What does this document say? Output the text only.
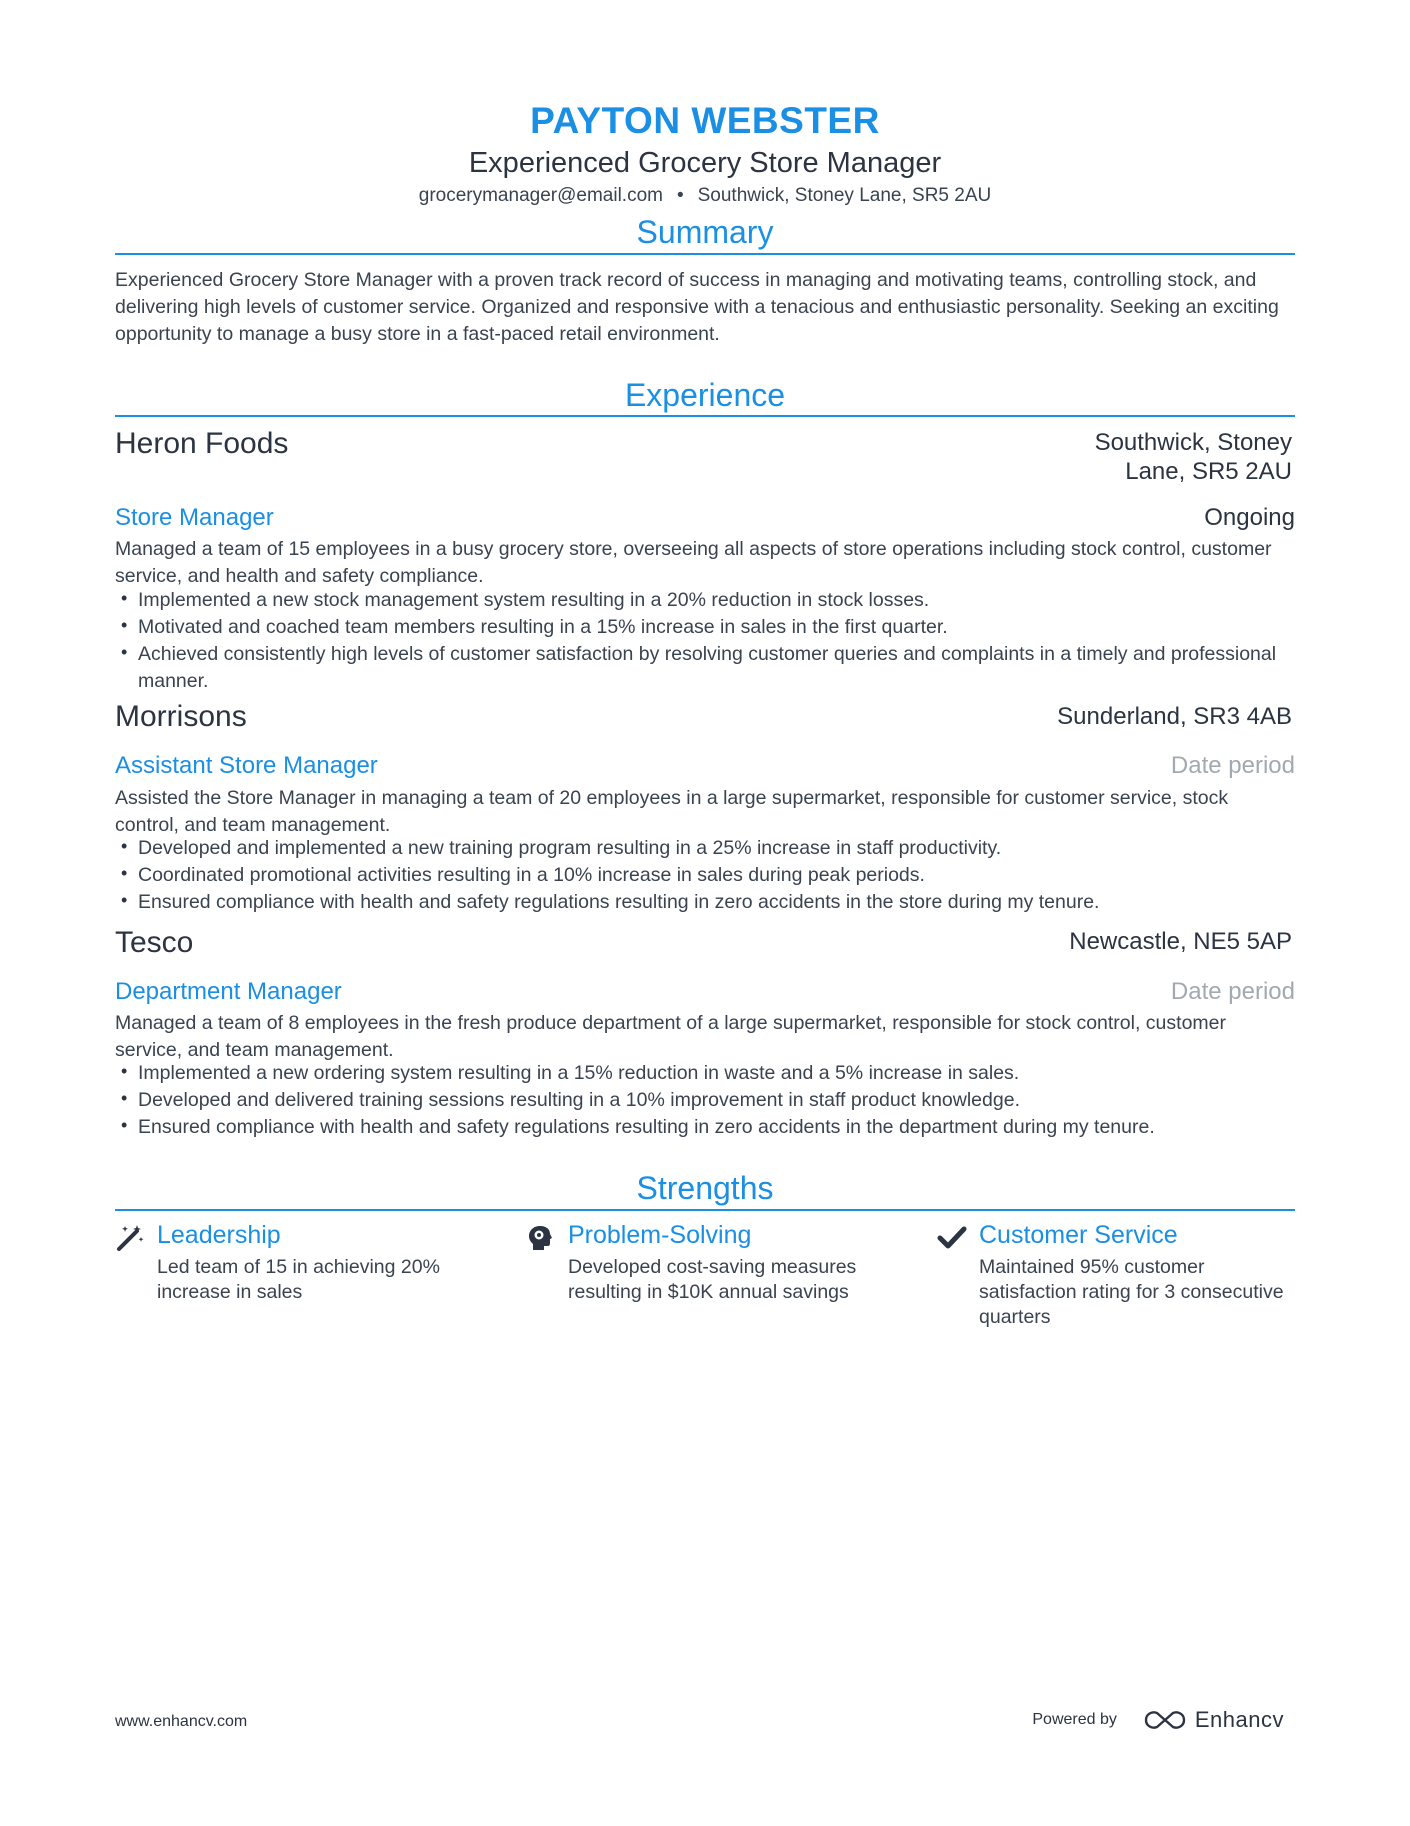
PAYTON WEBSTER
Experienced Grocery Store Manager
grocerymanager@email.com • Southwick, Stoney Lane, SR5 2AU
Summary
Experienced Grocery Store Manager with a proven track record of success in managing and motivating teams, controlling stock, and delivering high levels of customer service. Organized and responsive with a tenacious and enthusiastic personality. Seeking an exciting opportunity to manage a busy store in a fast-paced retail environment.
Experience
Heron Foods	Southwick, Stoney Lane, SR5 2AU
Store Manager	Ongoing
Managed a team of 15 employees in a busy grocery store, overseeing all aspects of store operations including stock control, customer service, and health and safety compliance.
• Implemented a new stock management system resulting in a 20% reduction in stock losses.
• Motivated and coached team members resulting in a 15% increase in sales in the first quarter.
• Achieved consistently high levels of customer satisfaction by resolving customer queries and complaints in a timely and professional manner.
Morrisons	Sunderland, SR3 4AB
Assistant Store Manager	Date period
Assisted the Store Manager in managing a team of 20 employees in a large supermarket, responsible for customer service, stock control, and team management.
• Developed and implemented a new training program resulting in a 25% increase in staff productivity.
• Coordinated promotional activities resulting in a 10% increase in sales during peak periods.
• Ensured compliance with health and safety regulations resulting in zero accidents in the store during my tenure.
Tesco	Newcastle, NE5 5AP
Department Manager	Date period
Managed a team of 8 employees in the fresh produce department of a large supermarket, responsible for stock control, customer service, and team management.
• Implemented a new ordering system resulting in a 15% reduction in waste and a 5% increase in sales.
• Developed and delivered training sessions resulting in a 10% improvement in staff product knowledge.
• Ensured compliance with health and safety regulations resulting in zero accidents in the department during my tenure.
Strengths
Leadership
Led team of 15 in achieving 20% increase in sales
Problem-Solving
Developed cost-saving measures resulting in $10K annual savings
Customer Service
Maintained 95% customer satisfaction rating for 3 consecutive quarters
www.enhancv.com	Powered by	Enhancv
